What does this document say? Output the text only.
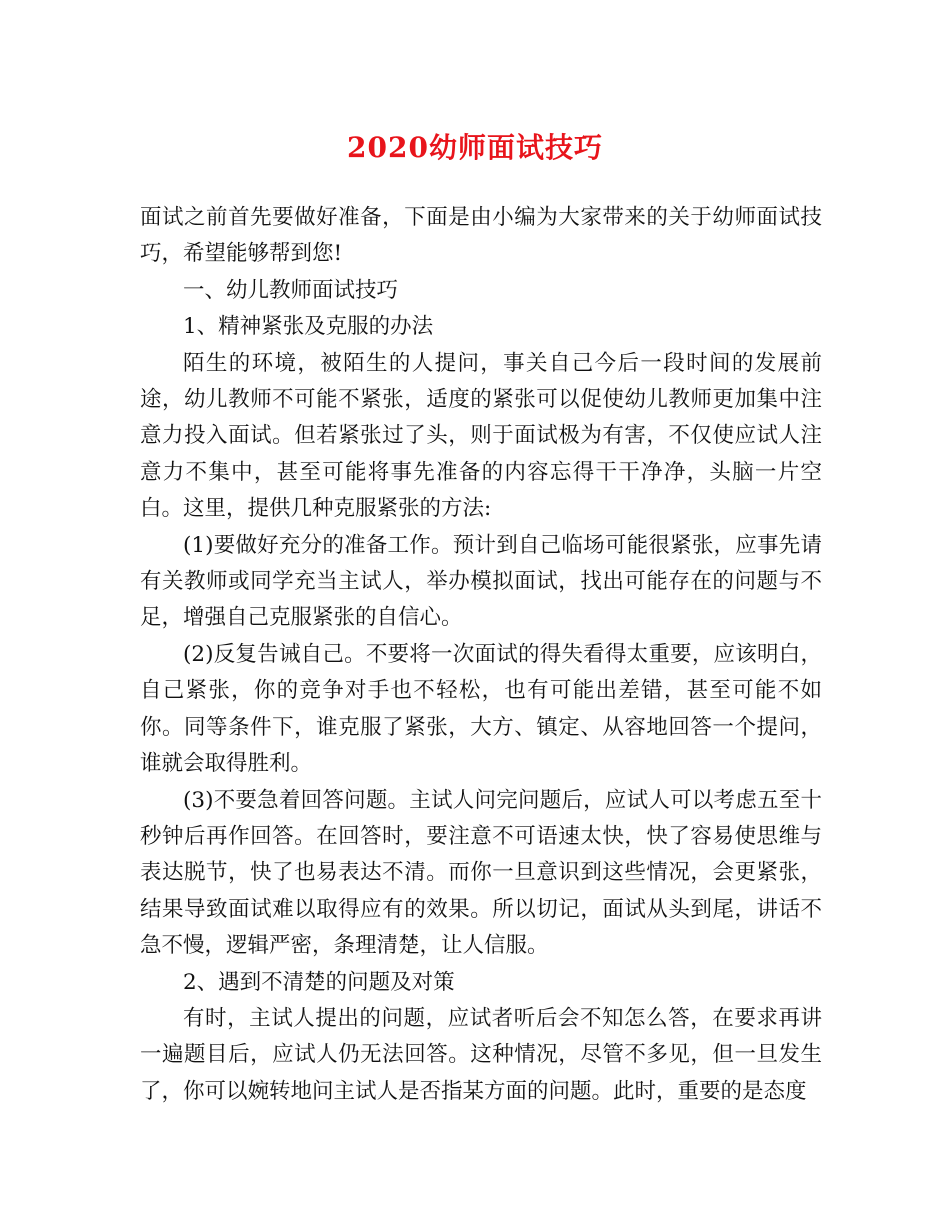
2020幼师面试技巧

面试之前首先要做好准备，下面是由小编为大家带来的关于幼师面试技巧，希望能够帮到您!

一、幼儿教师面试技巧

1、精神紧张及克服的办法

陌生的环境，被陌生的人提问，事关自己今后一段时间的发展前途，幼儿教师不可能不紧张，适度的紧张可以促使幼儿教师更加集中注意力投入面试。但若紧张过了头，则于面试极为有害，不仅使应试人注意力不集中，甚至可能将事先准备的内容忘得干干净净，头脑一片空白。这里，提供几种克服紧张的方法:

(1)要做好充分的准备工作。预计到自己临场可能很紧张，应事先请有关教师或同学充当主试人，举办模拟面试，找出可能存在的问题与不足，增强自己克服紧张的自信心。

(2)反复告诫自己。不要将一次面试的得失看得太重要，应该明白，自己紧张，你的竞争对手也不轻松，也有可能出差错，甚至可能不如你。同等条件下，谁克服了紧张，大方、镇定、从容地回答一个提问，谁就会取得胜利。

(3)不要急着回答问题。主试人问完问题后，应试人可以考虑五至十秒钟后再作回答。在回答时，要注意不可语速太快，快了容易使思维与表达脱节，快了也易表达不清。而你一旦意识到这些情况，会更紧张，结果导致面试难以取得应有的效果。所以切记，面试从头到尾，讲话不急不慢，逻辑严密，条理清楚，让人信服。

2、遇到不清楚的问题及对策

有时，主试人提出的问题，应试者听后会不知怎么答，在要求再讲一遍题目后，应试人仍无法回答。这种情况，尽管不多见，但一旦发生了，你可以婉转地问主试人是否指某方面的问题。此时，重要的是态度
